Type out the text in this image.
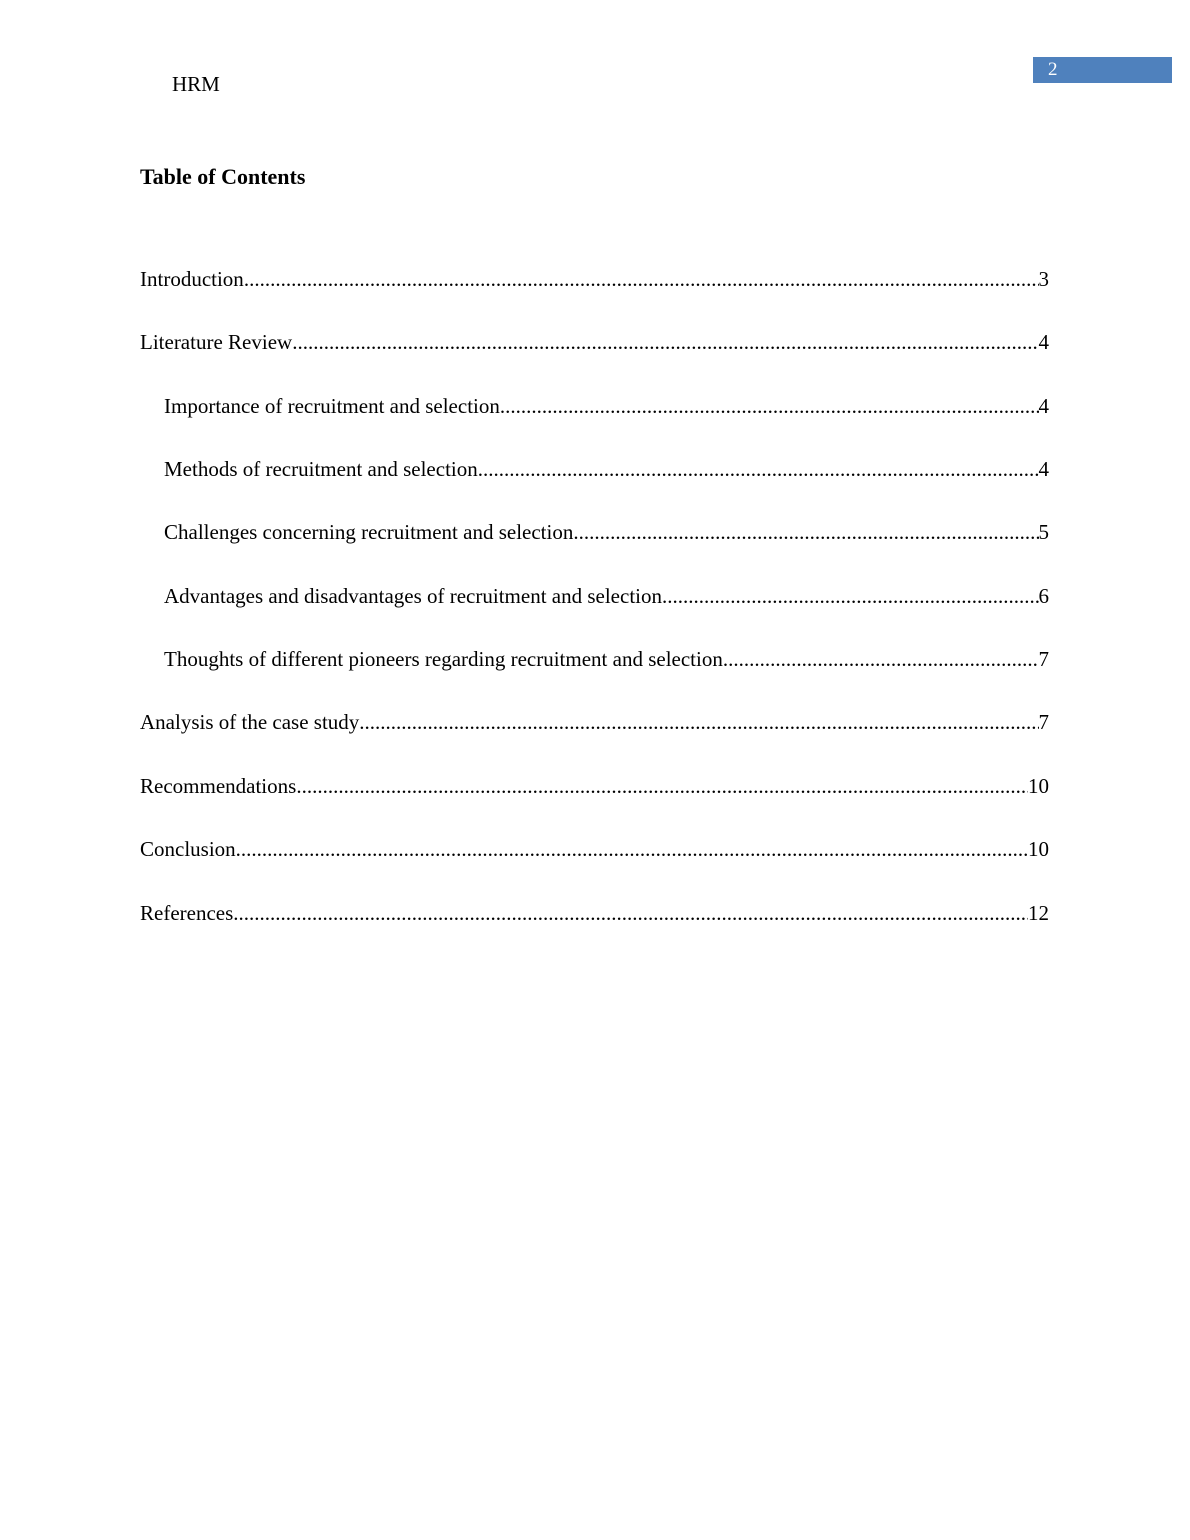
HRM
2
Table of Contents
Introduction .....	3
Literature Review .....	4
Importance of recruitment and selection .....	4
Methods of recruitment and selection .....	4
Challenges concerning recruitment and selection .....	5
Advantages and disadvantages of recruitment and selection .....	6
Thoughts of different pioneers regarding recruitment and selection .....	7
Analysis of the case study .....	7
Recommendations .....	10
Conclusion .....	10
References .....	12
